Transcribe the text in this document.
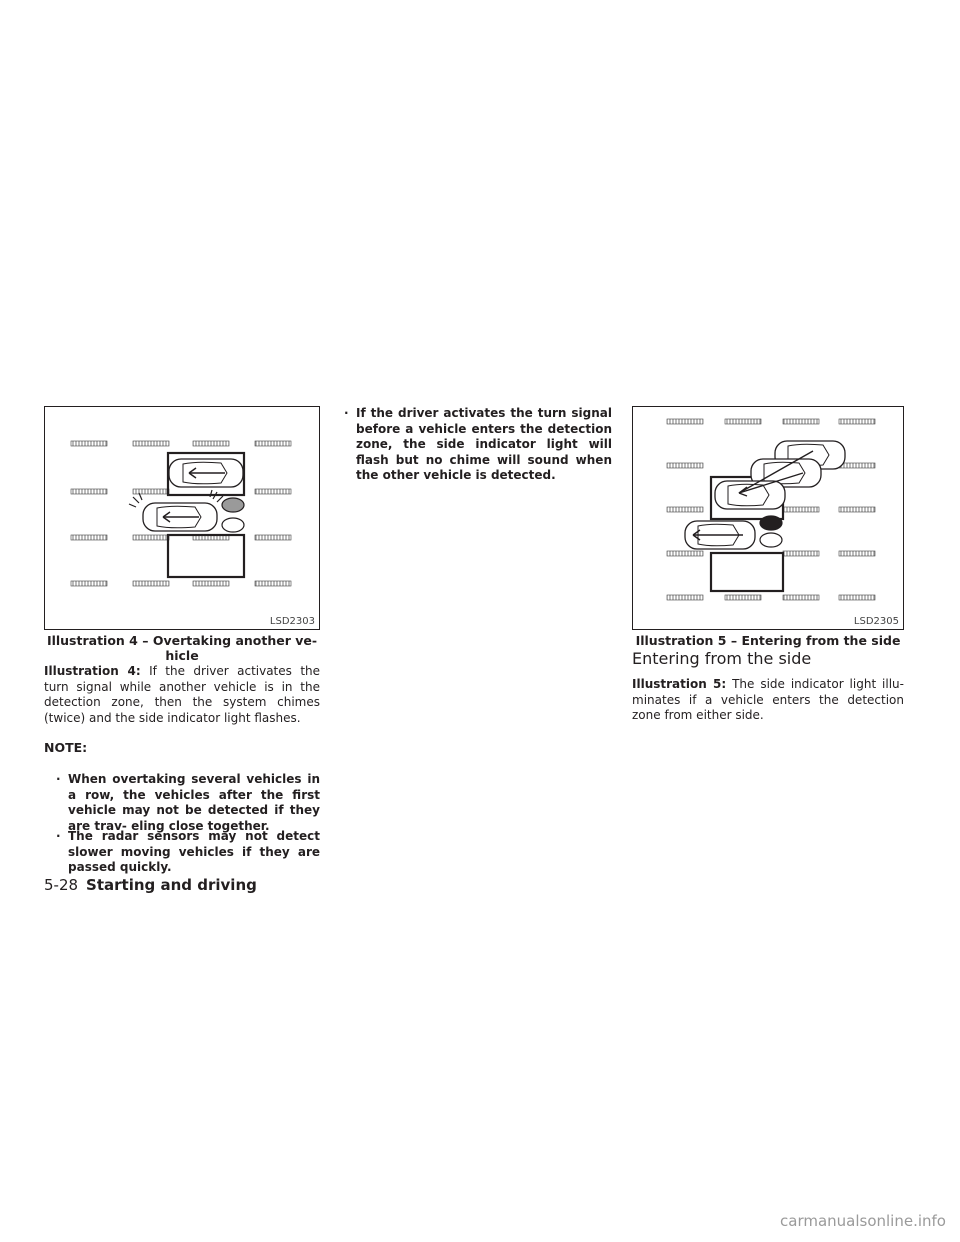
LSD2303
Illustration 4 – Overtaking another ve- hicle
Illustration 4: If the driver activates the turn signal while another vehicle is in the detection zone, then the system chimes (twice) and the side indicator light flashes.
NOTE:
· When overtaking several vehicles in a row, the vehicles after the first vehicle may not be detected if they are trav- eling close together.
· The radar sensors may not detect slower moving vehicles if they are passed quickly.
· If the driver activates the turn signal before a vehicle enters the detection zone, the side indicator light will flash but no chime will sound when the other vehicle is detected.
LSD2305
Illustration 5 – Entering from the side
Entering from the side
Illustration 5: The side indicator light illu- minates if a vehicle enters the detection zone from either side.
5-28 Starting and driving
carmanualsonline.info
